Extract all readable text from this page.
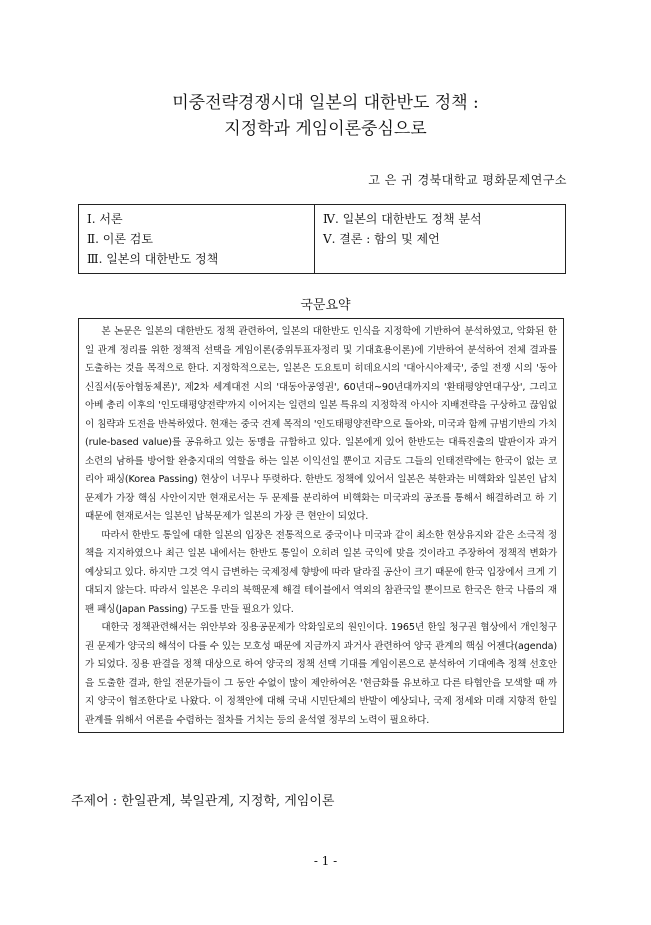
미중전략경쟁시대 일본의 대한반도 정책 :
지정학과 게임이론중심으로
고 은 귀 경북대학교 평화문제연구소
Ⅰ. 서론
Ⅱ. 이론 검토
Ⅲ. 일본의 대한반도 정책
Ⅳ. 일본의 대한반도 정책 분석
Ⅴ. 결론 : 함의 및 제언
국문요약

본 논문은 일본의 대한반도 정책 관련하여, 일본의 대한반도 인식을 지정학에 기반하여 분석하였고, 악화된 한일 관계 정리를 위한 정책적 선택을 게임이론(중위투표자정리 및 기대효용이론)에 기반하여 분석하여 전체 결과를 도출하는 것을 목적으로 한다. 지정학적으로는, 일본은 도요토미 히데요시의 '대아시아제국', 중일 전쟁 시의 '동아신질서(동아협동체론)', 제2차 세계대전 시의 '대동아공영권', 60년대~90년대까지의 '환태평양연대구상', 그리고 아베 총리 이후의 '인도태평양전략'까지 이어지는 일련의 일본 특유의 지정학적 아시아 지배전략을 구상하고 끊임없이 침략과 도전을 반복하였다. 현재는 중국 견제 목적의 '인도태평양전략'으로 돌아와, 미국과 함께 규범기반의 가치(rule-based value)를 공유하고 있는 동맹을 규합하고 있다. 일본에게 있어 한반도는 대륙진출의 발판이자 과거 소련의 남하를 방어할 완충지대의 역할을 하는 일본 이익선일 뿐이고 지금도 그들의 인태전략에는 한국이 없는 코리아 패싱(Korea Passing) 현상이 너무나 뚜렷하다. 한반도 정책에 있어서 일본은 북한과는 비핵화와 일본인 납치문제가 가장 핵심 사안이지만 현재로서는 두 문제를 분리하여 비핵화는 미국과의 공조를 통해서 해결하려고 하 기 때문에 현재로서는 일본인 납북문제가 일본의 가장 큰 현안이 되었다.

따라서 한반도 통일에 대한 일본의 입장은 전통적으로 중국이나 미국과 같이 최소한 현상유지와 같은 소극적 정책을 지지하였으나 최근 일본 내에서는 한반도 통일이 오히려 일본 국익에 맞을 것이라고 주장하여 정책적 변화가 예상되고 있다. 하지만 그것 역시 급변하는 국제정세 향방에 따라 달라질 공산이 크기 때문에 한국 입장에서 크게 기대되지 않는다. 따라서 일본은 우리의 북핵문제 해결 테이블에서 역외의 참관국일 뿐이므로 한국은 한국 나름의 재팬 패싱(Japan Passing) 구도를 만들 필요가 있다.

대한국 정책관련해서는 위안부와 징용공문제가 악화일로의 원인이다. 1965년 한일 청구권 협상에서 개인청구권 문제가 양국의 해석이 다를 수 있는 모호성 때문에 지금까지 과거사 관련하여 양국 관계의 핵심 어젠다(agenda)가 되었다. 징용 판결을 정책 대상으로 하여 양국의 정책 선택 기대를 게임이론으로 분석하여 기대예측 정책 선호안을 도출한 결과, 한일 전문가들이 그 동안 수없이 많이 제안하여온 '현금화를 유보하고 다른 타협안을 모색할 때 까지 양국이 협조한다'로 나왔다. 이 정책안에 대해 국내 시민단체의 반발이 예상되나, 국제 정세와 미래 지향적 한일 관계를 위해서 여론을 수렴하는 절차를 거치는 등의 윤석열 정부의 노력이 필요하다.

주제어 : 한일관계, 북일관계, 지정학, 게임이론
- 1 -
